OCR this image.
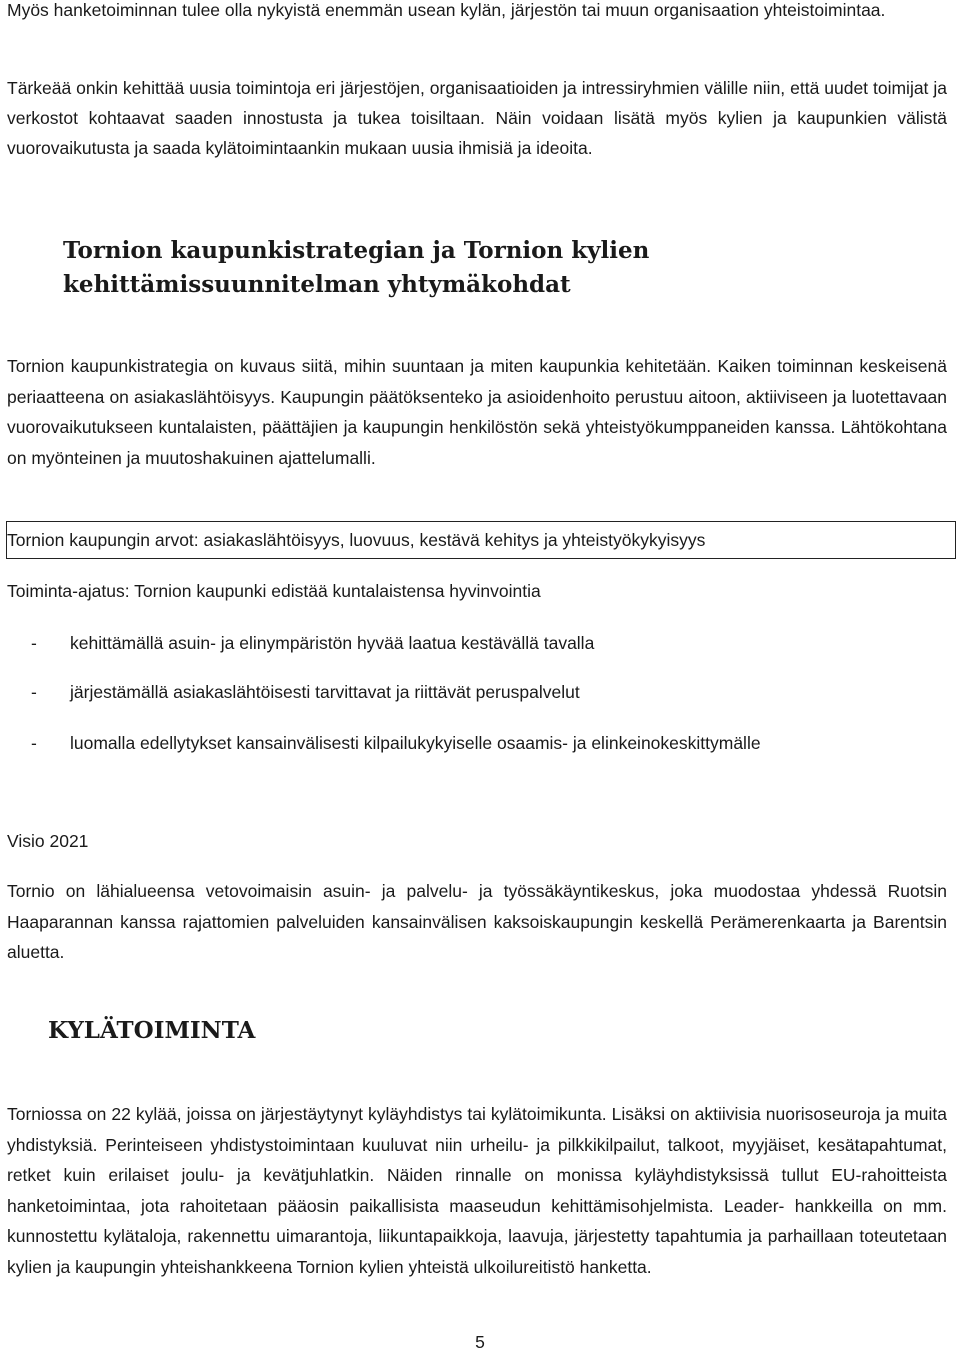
Myös hanketoiminnan tulee olla nykyistä enemmän usean kylän, järjestön tai muun organisaation yhteistoimintaa.

Tärkeää onkin kehittää uusia toimintoja eri järjestöjen, organisaatioiden ja intressiryhmien välille niin, että uudet toimijat ja verkostot kohtaavat saaden innostusta ja tukea toisiltaan. Näin voidaan lisätä myös kylien ja kaupunkien välistä vuorovaikutusta ja saada kylätoimintaankin mukaan uusia ihmisiä ja ideoita.

Tornion kaupunkistrategian ja Tornion kylien kehittämissuunnitelman yhtymäkohdat

Tornion kaupunkistrategia on kuvaus siitä, mihin suuntaan ja miten kaupunkia kehitetään. Kaiken toiminnan keskeisenä periaatteena on asiakaslähtöisyys. Kaupungin päätöksenteko ja asioidenhoito perustuu aitoon, aktiiviseen ja luotettavaan vuorovaikutukseen kuntalaisten, päättäjien ja kaupungin henkilöstön sekä yhteistyökumppaneiden kanssa. Lähtökohtana on myönteinen ja muutoshakuinen ajattelumalli.

Tornion kaupungin arvot: asiakaslähtöisyys, luovuus, kestävä kehitys ja yhteistyökykyisyys

Toiminta-ajatus: Tornion kaupunki edistää kuntalaistensa hyvinvointia

-	kehittämällä asuin- ja elinympäristön hyvää laatua kestävällä tavalla
-	järjestämällä asiakaslähtöisesti tarvittavat ja riittävät peruspalvelut
-	luomalla edellytykset kansainvälisesti kilpailukykyiselle osaamis- ja elinkeinokeskittymälle

Visio 2021

Tornio on lähialueensa vetovoimaisin asuin- ja palvelu- ja työssäkäyntikeskus, joka muodostaa yhdessä Ruotsin Haaparannan kanssa rajattomien palveluiden kansainvälisen kaksoiskaupungin keskellä Perämerenkaarta ja Barentsin aluetta.

KYLÄTOIMINTA

Torniossa on 22 kylää, joissa on järjestäytynyt kyläyhdistys tai kylätoimikunta. Lisäksi on aktiivisia nuorisoseuroja ja muita yhdistyksiä. Perinteiseen yhdistystoimintaan kuuluvat niin urheilu- ja pilkkikilpailut, talkoot, myyjäiset, kesätapahtumat, retket kuin erilaiset joulu- ja kevätjuhlatkin. Näiden rinnalle on monissa kyläyhdistyksissä tullut EU-rahoitteista hanketoimintaa, jota rahoitetaan pääosin paikallisista maaseudun kehittämisohjelmista. Leader- hankkeilla on mm. kunnostettu kylätaloja, rakennettu uimarantoja, liikuntapaikkoja, laavuja, järjestetty tapahtumia ja parhaillaan toteutetaan kylien ja kaupungin yhteishankkeena Tornion kylien yhteistä ulkoilureitistö hanketta.

5
